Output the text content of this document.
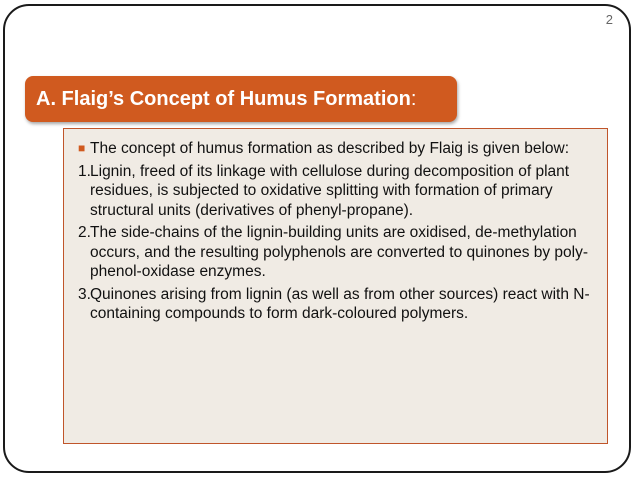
2
A. Flaig’s Concept of Humus Formation:
■ The concept of humus formation as described by Flaig is given below:
1. Lignin, freed of its linkage with cellulose during decomposition of plant residues, is subjected to oxidative splitting with formation of primary structural units (derivatives of phenyl-propane).
2. The side-chains of the lignin-building units are oxidised, de-methylation occurs, and the resulting polyphenols are converted to quinones by poly-phenol-oxidase enzymes.
3. Quinones arising from lignin (as well as from other sources) react with N-containing compounds to form dark-coloured polymers.
